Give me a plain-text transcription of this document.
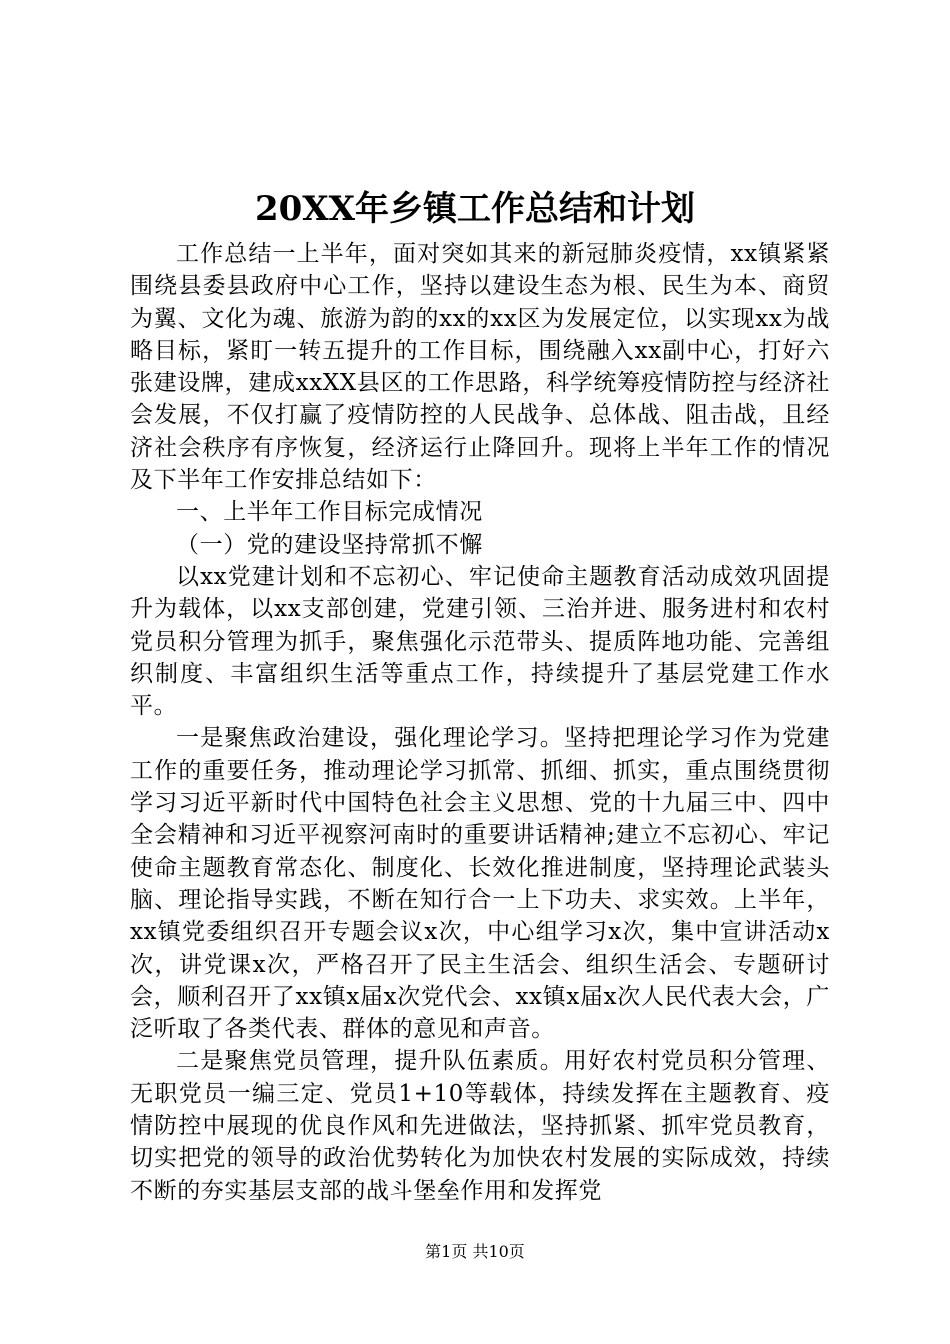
20XX年乡镇工作总结和计划

工作总结一上半年，面对突如其来的新冠肺炎疫情，xx镇紧紧围绕县委县政府中心工作，坚持以建设生态为根、民生为本、商贸为翼、文化为魂、旅游为韵的xx的xx区为发展定位，以实现xx为战略目标，紧盯一转五提升的工作目标，围绕融入xx副中心，打好六张建设牌，建成xxXX县区的工作思路，科学统筹疫情防控与经济社会发展，不仅打赢了疫情防控的人民战争、总体战、阻击战，且经济社会秩序有序恢复，经济运行止降回升。现将上半年工作的情况及下半年工作安排总结如下：

一、上半年工作目标完成情况

（一）党的建设坚持常抓不懈

以xx党建计划和不忘初心、牢记使命主题教育活动成效巩固提升为载体，以xx支部创建，党建引领、三治并进、服务进村和农村党员积分管理为抓手，聚焦强化示范带头、提质阵地功能、完善组织制度、丰富组织生活等重点工作，持续提升了基层党建工作水平。

一是聚焦政治建设，强化理论学习。坚持把理论学习作为党建工作的重要任务，推动理论学习抓常、抓细、抓实，重点围绕贯彻学习习近平新时代中国特色社会主义思想、党的十九届三中、四中全会精神和习近平视察河南时的重要讲话精神;建立不忘初心、牢记使命主题教育常态化、制度化、长效化推进制度，坚持理论武装头脑、理论指导实践，不断在知行合一上下功夫、求实效。上半年，xx镇党委组织召开专题会议x次，中心组学习x次，集中宣讲活动x次，讲党课x次，严格召开了民主生活会、组织生活会、专题研讨会，顺利召开了xx镇x届x次党代会、xx镇x届x次人民代表大会，广泛听取了各类代表、群体的意见和声音。

二是聚焦党员管理，提升队伍素质。用好农村党员积分管理、无职党员一编三定、党员1+10等载体，持续发挥在主题教育、疫情防控中展现的优良作风和先进做法，坚持抓紧、抓牢党员教育，切实把党的领导的政治优势转化为加快农村发展的实际成效，持续不断的夯实基层支部的战斗堡垒作用和发挥党

第1页 共10页
